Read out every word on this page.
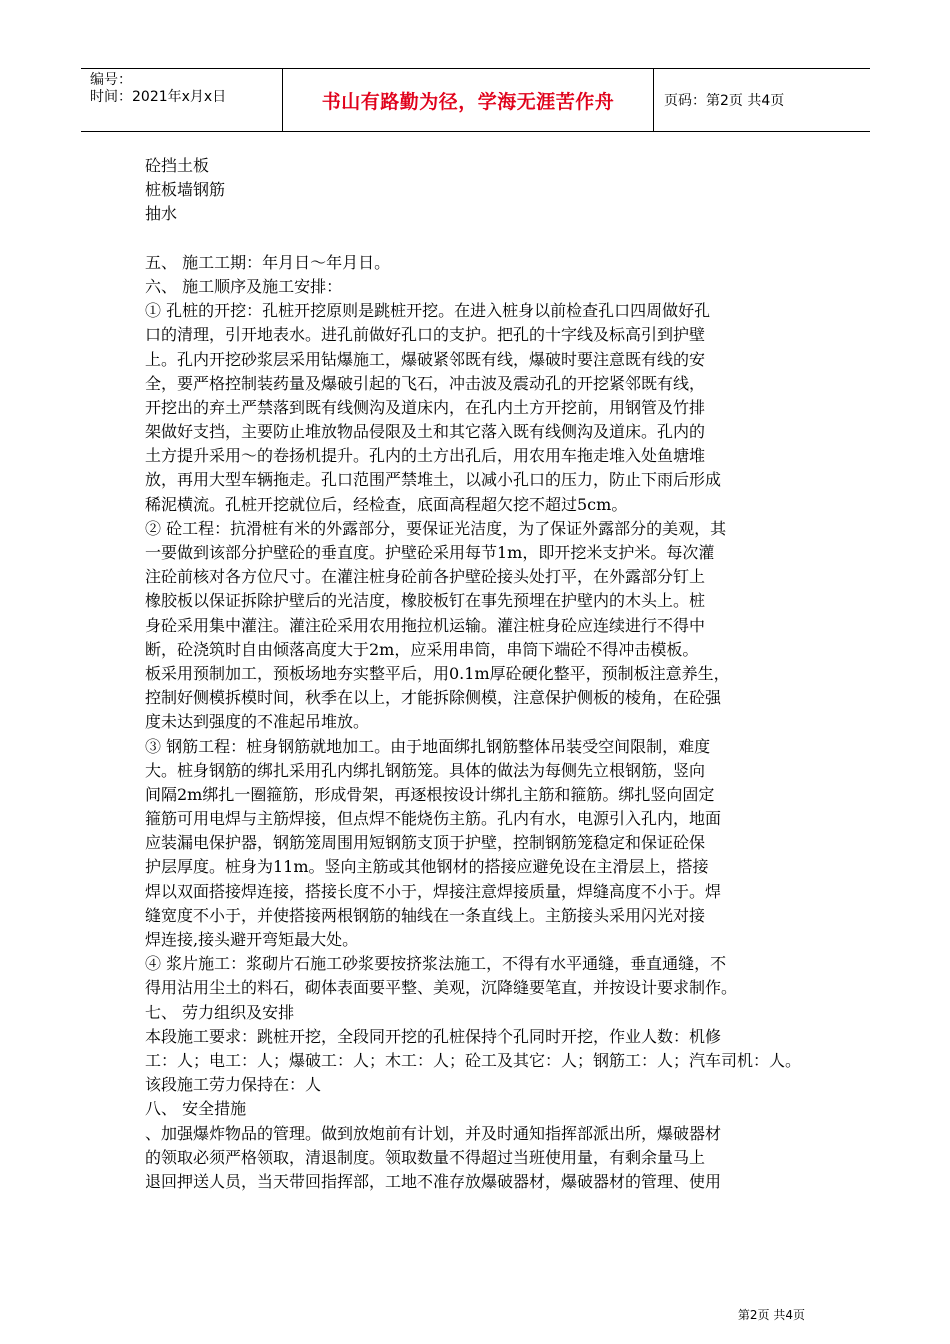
编号：
时间：2021年x月x日	书山有路勤为径，学海无涯苦作舟	页码：第2页 共4页
砼挡土板
桩板墙钢筋
抽水
五、 施工工期：年月日～年月日。
六、 施工顺序及施工安排：
① 孔桩的开挖：孔桩开挖原则是跳桩开挖。在进入桩身以前检查孔口四周做好孔
口的清理，引开地表水。进孔前做好孔口的支护。把孔的十字线及标高引到护壁
上。孔内开挖砂浆层采用钻爆施工，爆破紧邻既有线，爆破时要注意既有线的安
全，要严格控制装药量及爆破引起的飞石，冲击波及震动孔的开挖紧邻既有线，
开挖出的弃土严禁落到既有线侧沟及道床内，在孔内土方开挖前，用钢管及竹排
架做好支挡，主要防止堆放物品侵限及土和其它落入既有线侧沟及道床。孔内的
土方提升采用～的卷扬机提升。孔内的土方出孔后，用农用车拖走堆入处鱼塘堆
放，再用大型车辆拖走。孔口范围严禁堆土，以减小孔口的压力，防止下雨后形成
稀泥横流。孔桩开挖就位后，经检查，底面高程超欠挖不超过5cm。
② 砼工程：抗滑桩有米的外露部分，要保证光洁度，为了保证外露部分的美观，其
一要做到该部分护壁砼的垂直度。护壁砼采用每节1m，即开挖米支护米。每次灌
注砼前核对各方位尺寸。在灌注桩身砼前各护壁砼接头处打平，在外露部分钉上
橡胶板以保证拆除护壁后的光洁度，橡胶板钉在事先预埋在护壁内的木头上。桩
身砼采用集中灌注。灌注砼采用农用拖拉机运输。灌注桩身砼应连续进行不得中
断，砼浇筑时自由倾落高度大于2m，应采用串筒，串筒下端砼不得冲击模板。
板采用预制加工，预板场地夯实整平后，用0.1m厚砼硬化整平，预制板注意养生，
控制好侧模拆模时间，秋季在以上，才能拆除侧模，注意保护侧板的棱角，在砼强
度未达到强度的不准起吊堆放。
③ 钢筋工程：桩身钢筋就地加工。由于地面绑扎钢筋整体吊装受空间限制，难度
大。桩身钢筋的绑扎采用孔内绑扎钢筋笼。具体的做法为每侧先立根钢筋，竖向
间隔2m绑扎一圈箍筋，形成骨架，再逐根按设计绑扎主筋和箍筋。绑扎竖向固定
箍筋可用电焊与主筋焊接，但点焊不能烧伤主筋。孔内有水，电源引入孔内，地面
应装漏电保护器，钢筋笼周围用短钢筋支顶于护壁，控制钢筋笼稳定和保证砼保
护层厚度。桩身为11m。竖向主筋或其他钢材的搭接应避免设在主滑层上，搭接
焊以双面搭接焊连接，搭接长度不小于，焊接注意焊接质量，焊缝高度不小于。焊
缝宽度不小于，并使搭接两根钢筋的轴线在一条直线上。主筋接头采用闪光对接
焊连接,接头避开弯矩最大处。
④ 浆片施工：浆砌片石施工砂浆要按挤浆法施工，不得有水平通缝，垂直通缝，不
得用沾用尘土的料石，砌体表面要平整、美观，沉降缝要笔直，并按设计要求制作。
七、 劳力组织及安排
本段施工要求：跳桩开挖，全段同开挖的孔桩保持个孔同时开挖，作业人数：机修
工：人；电工：人；爆破工：人；木工：人；砼工及其它：人；钢筋工：人；汽车司机：人。
该段施工劳力保持在：人
八、 安全措施
、加强爆炸物品的管理。做到放炮前有计划，并及时通知指挥部派出所，爆破器材
的领取必须严格领取，清退制度。领取数量不得超过当班使用量，有剩余量马上
退回押送人员，当天带回指挥部，工地不准存放爆破器材，爆破器材的管理、使用
第2页 共4页
